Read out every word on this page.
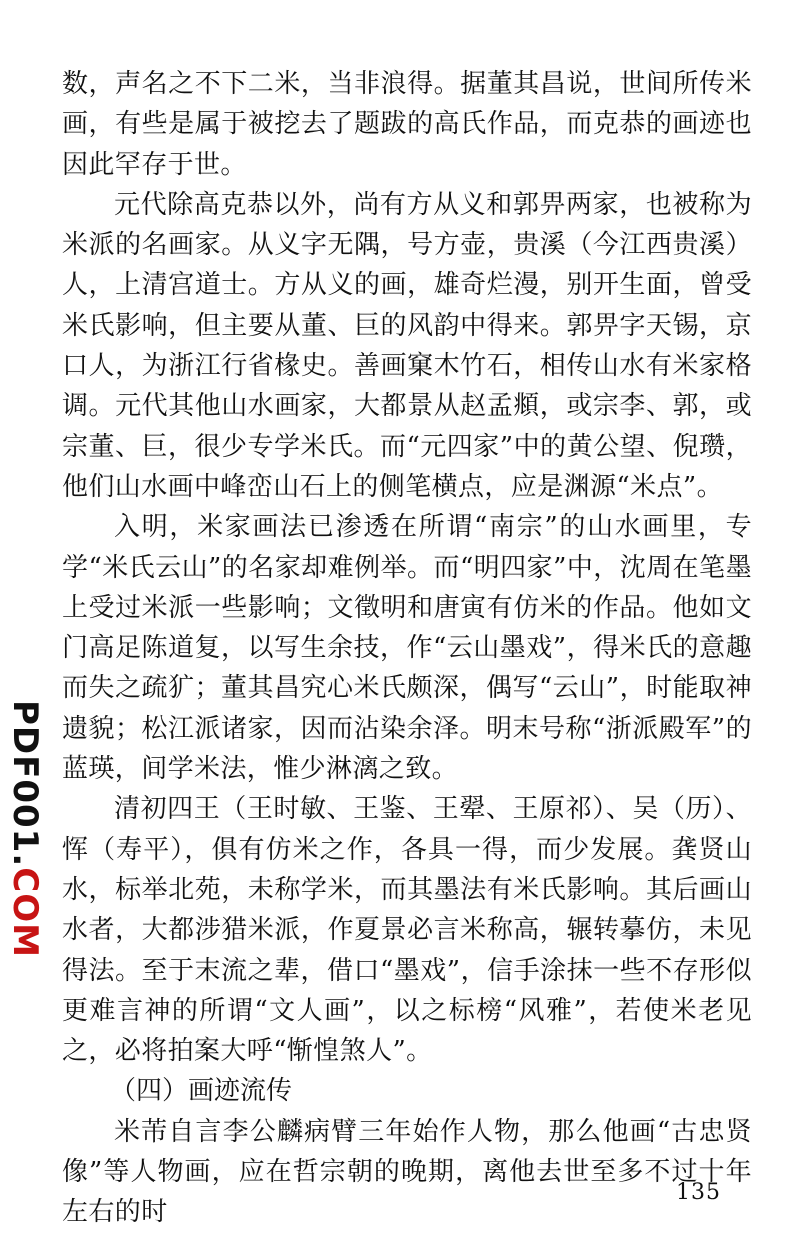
数，声名之不下二米，当非浪得。据董其昌说，世间所传米画，有些是属于被挖去了题跋的高氏作品，而克恭的画迹也因此罕存于世。

元代除高克恭以外，尚有方从义和郭畀两家，也被称为米派的名画家。从义字无隅，号方壶，贵溪（今江西贵溪）人，上清宫道士。方从义的画，雄奇烂漫，别开生面，曾受米氏影响，但主要从董、巨的风韵中得来。郭畀字天锡，京口人，为浙江行省椽史。善画窠木竹石，相传山水有米家格调。元代其他山水画家，大都景从赵孟頫，或宗李、郭，或宗董、巨，很少专学米氏。而“元四家”中的黄公望、倪瓒，他们山水画中峰峦山石上的侧笔横点，应是渊源“米点”。

入明，米家画法已渗透在所谓“南宗”的山水画里，专学“米氏云山”的名家却难例举。而“明四家”中，沈周在笔墨上受过米派一些影响；文徵明和唐寅有仿米的作品。他如文门高足陈道复，以写生余技，作“云山墨戏”，得米氏的意趣而失之疏犷；董其昌究心米氏颇深，偶写“云山”，时能取神遗貌；松江派诸家，因而沾染余泽。明末号称“浙派殿军”的蓝瑛，间学米法，惟少淋漓之致。

清初四王（王时敏、王鉴、王翚、王原祁）、吴（历）、恽（寿平），俱有仿米之作，各具一得，而少发展。龚贤山水，标举北苑，未称学米，而其墨法有米氏影响。其后画山水者，大都涉猎米派，作夏景必言米称高，辗转摹仿，未见得法。至于末流之辈，借口“墨戏”，信手涂抹一些不存形似更难言神的所谓“文人画”，以之标榜“风雅”，若使米老见之，必将拍案大呼“惭惶煞人”。

（四）画迹流传

米芾自言李公麟病臂三年始作人物，那么他画“古忠贤像”等人物画，应在哲宗朝的晚期，离他去世至多不过十年左右的时

PDF001.COM
135
